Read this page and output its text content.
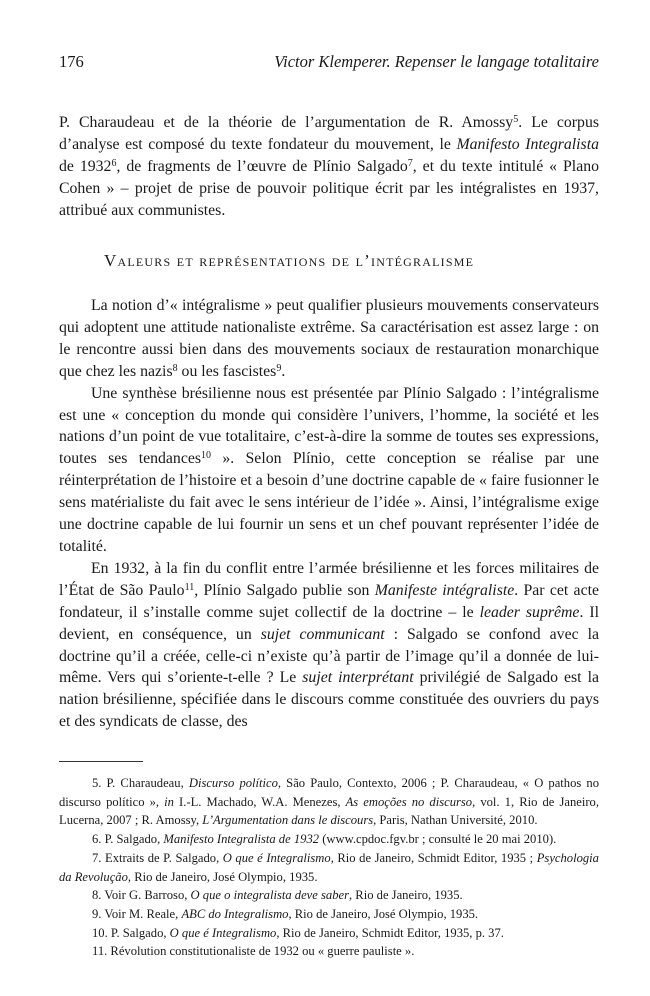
176	Victor Klemperer. Repenser le langage totalitaire

P. Charaudeau et de la théorie de l’argumentation de R. Amossy$^5$. Le corpus d’analyse est composé du texte fondateur du mouvement, le Manifesto Integralista de 1932$^6$, de fragments de l’œuvre de Plínio Salgado$^7$, et du texte intitulé « Plano Cohen » – projet de prise de pouvoir politique écrit par les intégralistes en 1937, attribué aux communistes.

Valeurs et représentations de l’intégralisme

La notion d’« intégralisme » peut qualifier plusieurs mouvements conservateurs qui adoptent une attitude nationaliste extrême. Sa caractérisation est assez large : on le rencontre aussi bien dans des mouvements sociaux de restauration monarchique que chez les nazis$^8$ ou les fascistes$^9$.

Une synthèse brésilienne nous est présentée par Plínio Salgado : l’intégralisme est une « conception du monde qui considère l’univers, l’homme, la société et les nations d’un point de vue totalitaire, c’est-à-dire la somme de toutes ses expressions, toutes ses tendances$^{10}$ ». Selon Plínio, cette conception se réalise par une réinterprétation de l’histoire et a besoin d’une doctrine capable de « faire fusionner le sens matérialiste du fait avec le sens intérieur de l’idée ». Ainsi, l’intégralisme exige une doctrine capable de lui fournir un sens et un chef pouvant représenter l’idée de totalité.

En 1932, à la fin du conflit entre l’armée brésilienne et les forces militaires de l’État de São Paulo$^{11}$, Plínio Salgado publie son Manifeste intégraliste. Par cet acte fondateur, il s’installe comme sujet collectif de la doctrine – le leader suprême. Il devient, en conséquence, un sujet communicant : Salgado se confond avec la doctrine qu’il a créée, celle-ci n’existe qu’à partir de l’image qu’il a donnée de lui-même. Vers qui s’oriente-t-elle ? Le sujet interprétant privilégié de Salgado est la nation brésilienne, spécifiée dans le discours comme constituée des ouvriers du pays et des syndicats de classe, des

5. P. Charaudeau, Discurso político, São Paulo, Contexto, 2006 ; P. Charaudeau, « O pathos no discurso político », in I.-L. Machado, W.A. Menezes, As emoções no discurso, vol. 1, Rio de Janeiro, Lucerna, 2007 ; R. Amossy, L’Argumentation dans le discours, Paris, Nathan Université, 2010.

6. P. Salgado, Manifesto Integralista de 1932 (www.cpdoc.fgv.br ; consulté le 20 mai 2010).

7. Extraits de P. Salgado, O que é Integralismo, Rio de Janeiro, Schmidt Editor, 1935 ; Psychologia da Revolução, Rio de Janeiro, José Olympio, 1935.

8. Voir G. Barroso, O que o integralista deve saber, Rio de Janeiro, 1935.

9. Voir M. Reale, ABC do Integralismo, Rio de Janeiro, José Olympio, 1935.

10. P. Salgado, O que é Integralismo, Rio de Janeiro, Schmidt Editor, 1935, p. 37.

11. Révolution constitutionaliste de 1932 ou « guerre pauliste ».
